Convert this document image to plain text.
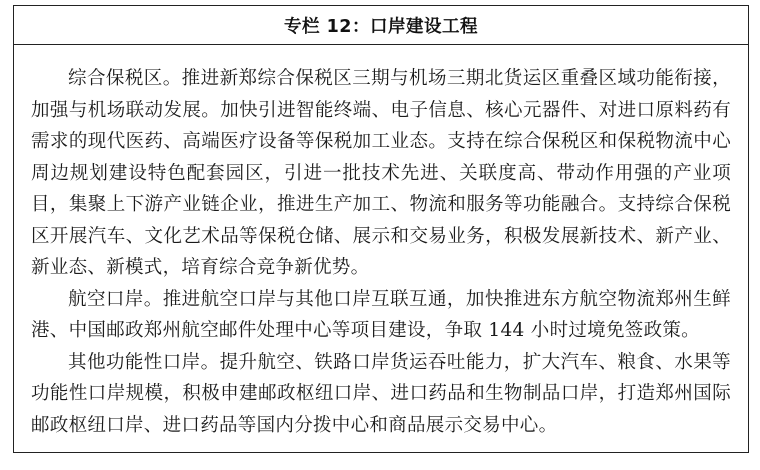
专栏 12：口岸建设工程

综合保税区。推进新郑综合保税区三期与机场三期北货运区重叠区域功能衔接，加强与机场联动发展。加快引进智能终端、电子信息、核心元器件、对进口原料药有需求的现代医药、高端医疗设备等保税加工业态。支持在综合保税区和保税物流中心周边规划建设特色配套园区，引进一批技术先进、关联度高、带动作用强的产业项目，集聚上下游产业链企业，推进生产加工、物流和服务等功能融合。支持综合保税区开展汽车、文化艺术品等保税仓储、展示和交易业务，积极发展新技术、新产业、新业态、新模式，培育综合竞争新优势。

航空口岸。推进航空口岸与其他口岸互联互通，加快推进东方航空物流郑州生鲜港、中国邮政郑州航空邮件处理中心等项目建设，争取 144 小时过境免签政策。

其他功能性口岸。提升航空、铁路口岸货运吞吐能力，扩大汽车、粮食、水果等功能性口岸规模，积极申建邮政枢纽口岸、进口药品和生物制品口岸，打造郑州国际邮政枢纽口岸、进口药品等国内分拨中心和商品展示交易中心。
